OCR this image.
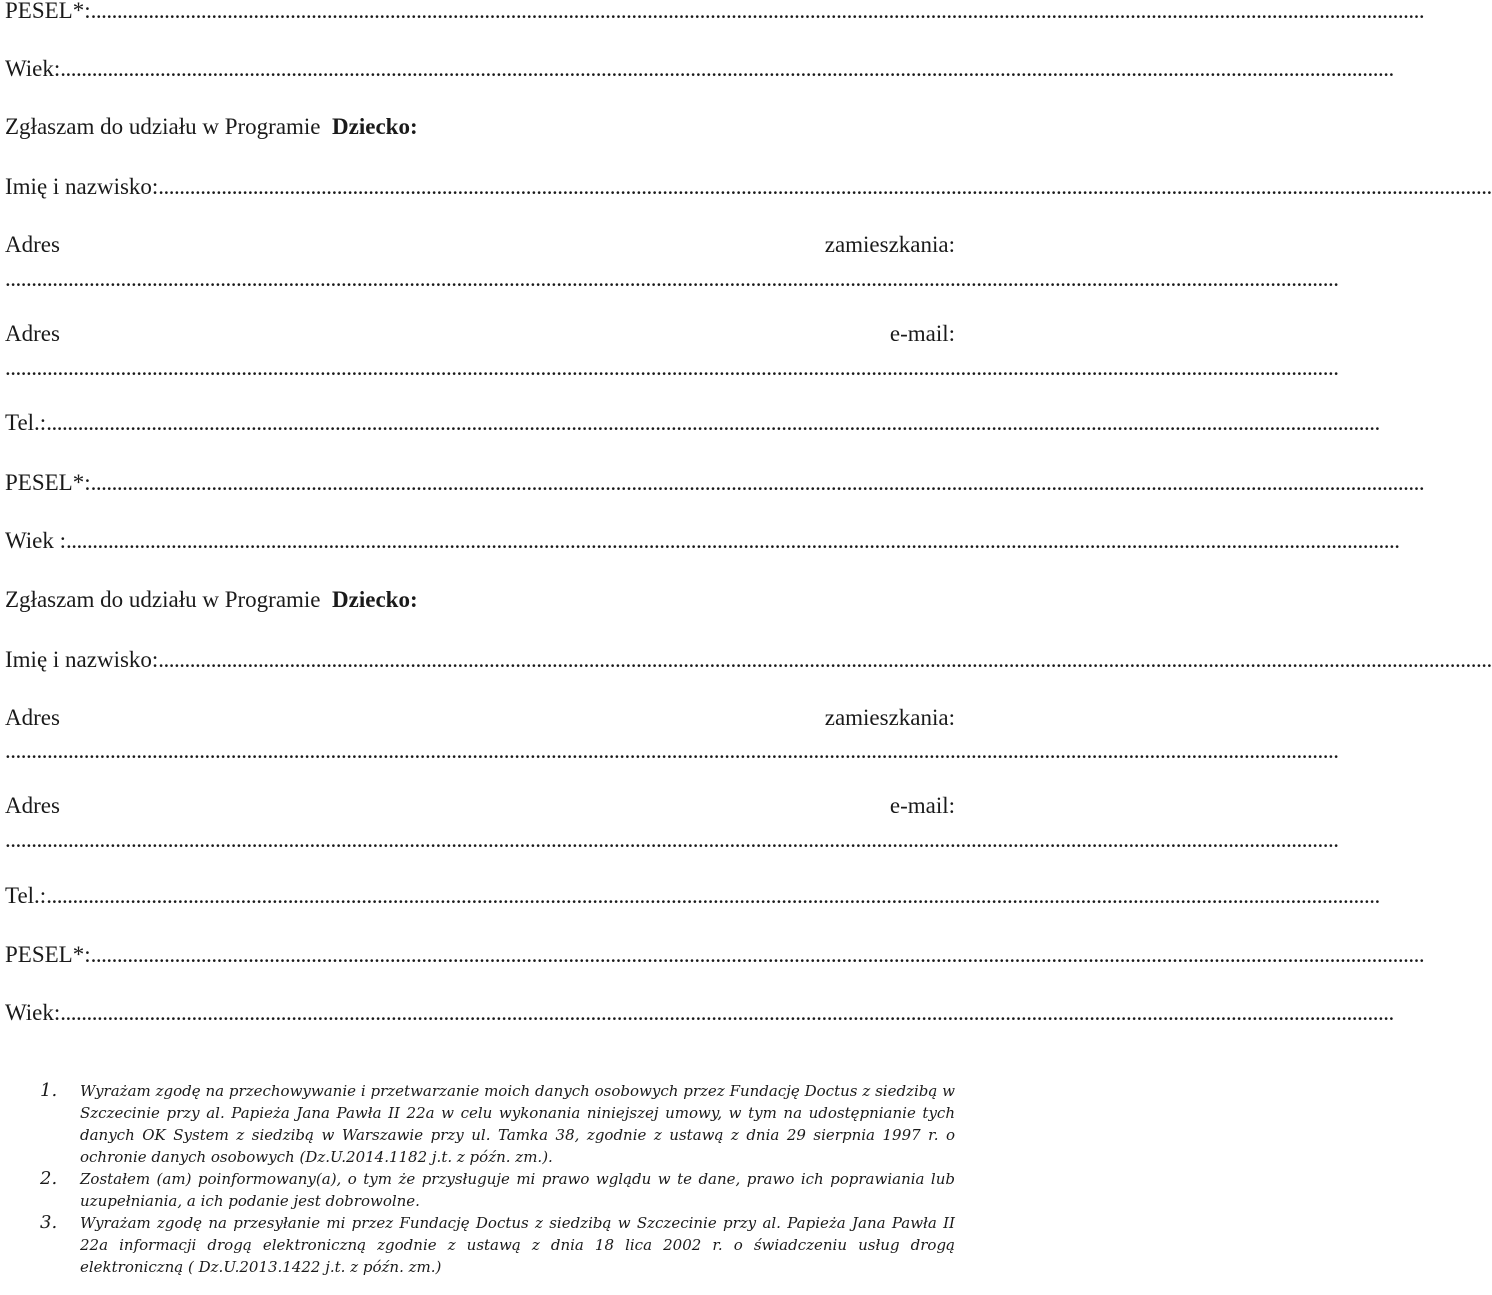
PESEL*: ..............................................................................................................................................................................................................................................................
Wiek: ..............................................................................................................................................................................................................................................................
Zgłaszam do udziału w Programie Dziecko:
Imię i nazwisko: ..............................................................................................................................................................................................................................................................
Adres	zamieszkania:
..............................................................................................................................................................................................................................................................
Adres	e-mail:
..............................................................................................................................................................................................................................................................
Tel.: ..............................................................................................................................................................................................................................................................
PESEL*: ..............................................................................................................................................................................................................................................................
Wiek : ..............................................................................................................................................................................................................................................................
Zgłaszam do udziału w Programie Dziecko:
Imię i nazwisko: ..............................................................................................................................................................................................................................................................
Adres	zamieszkania:
..............................................................................................................................................................................................................................................................
Adres	e-mail:
..............................................................................................................................................................................................................................................................
Tel.: ..............................................................................................................................................................................................................................................................
PESEL*: ..............................................................................................................................................................................................................................................................
Wiek: ..............................................................................................................................................................................................................................................................
1. Wyrażam zgodę na przechowywanie i przetwarzanie moich danych osobowych przez Fundację Doctus z siedzibą w Szczecinie przy al. Papieża Jana Pawła II 22a w celu wykonania niniejszej umowy, w tym na udostępnianie tych danych OK System z siedzibą w Warszawie przy ul. Tamka 38, zgodnie z ustawą z dnia 29 sierpnia 1997 r. o ochronie danych osobowych (Dz.U.2014.1182 j.t. z późn. zm.).
2. Zostałem (am) poinformowany(a), o tym że przysługuje mi prawo wglądu w te dane, prawo ich poprawiania lub uzupełniania, a ich podanie jest dobrowolne.
3. Wyrażam zgodę na przesyłanie mi przez Fundację Doctus z siedzibą w Szczecinie przy al. Papieża Jana Pawła II 22a informacji drogą elektroniczną zgodnie z ustawą z dnia 18 lica 2002 r. o świadczeniu usług drogą elektroniczną ( Dz.U.2013.1422 j.t. z późn. zm.)
